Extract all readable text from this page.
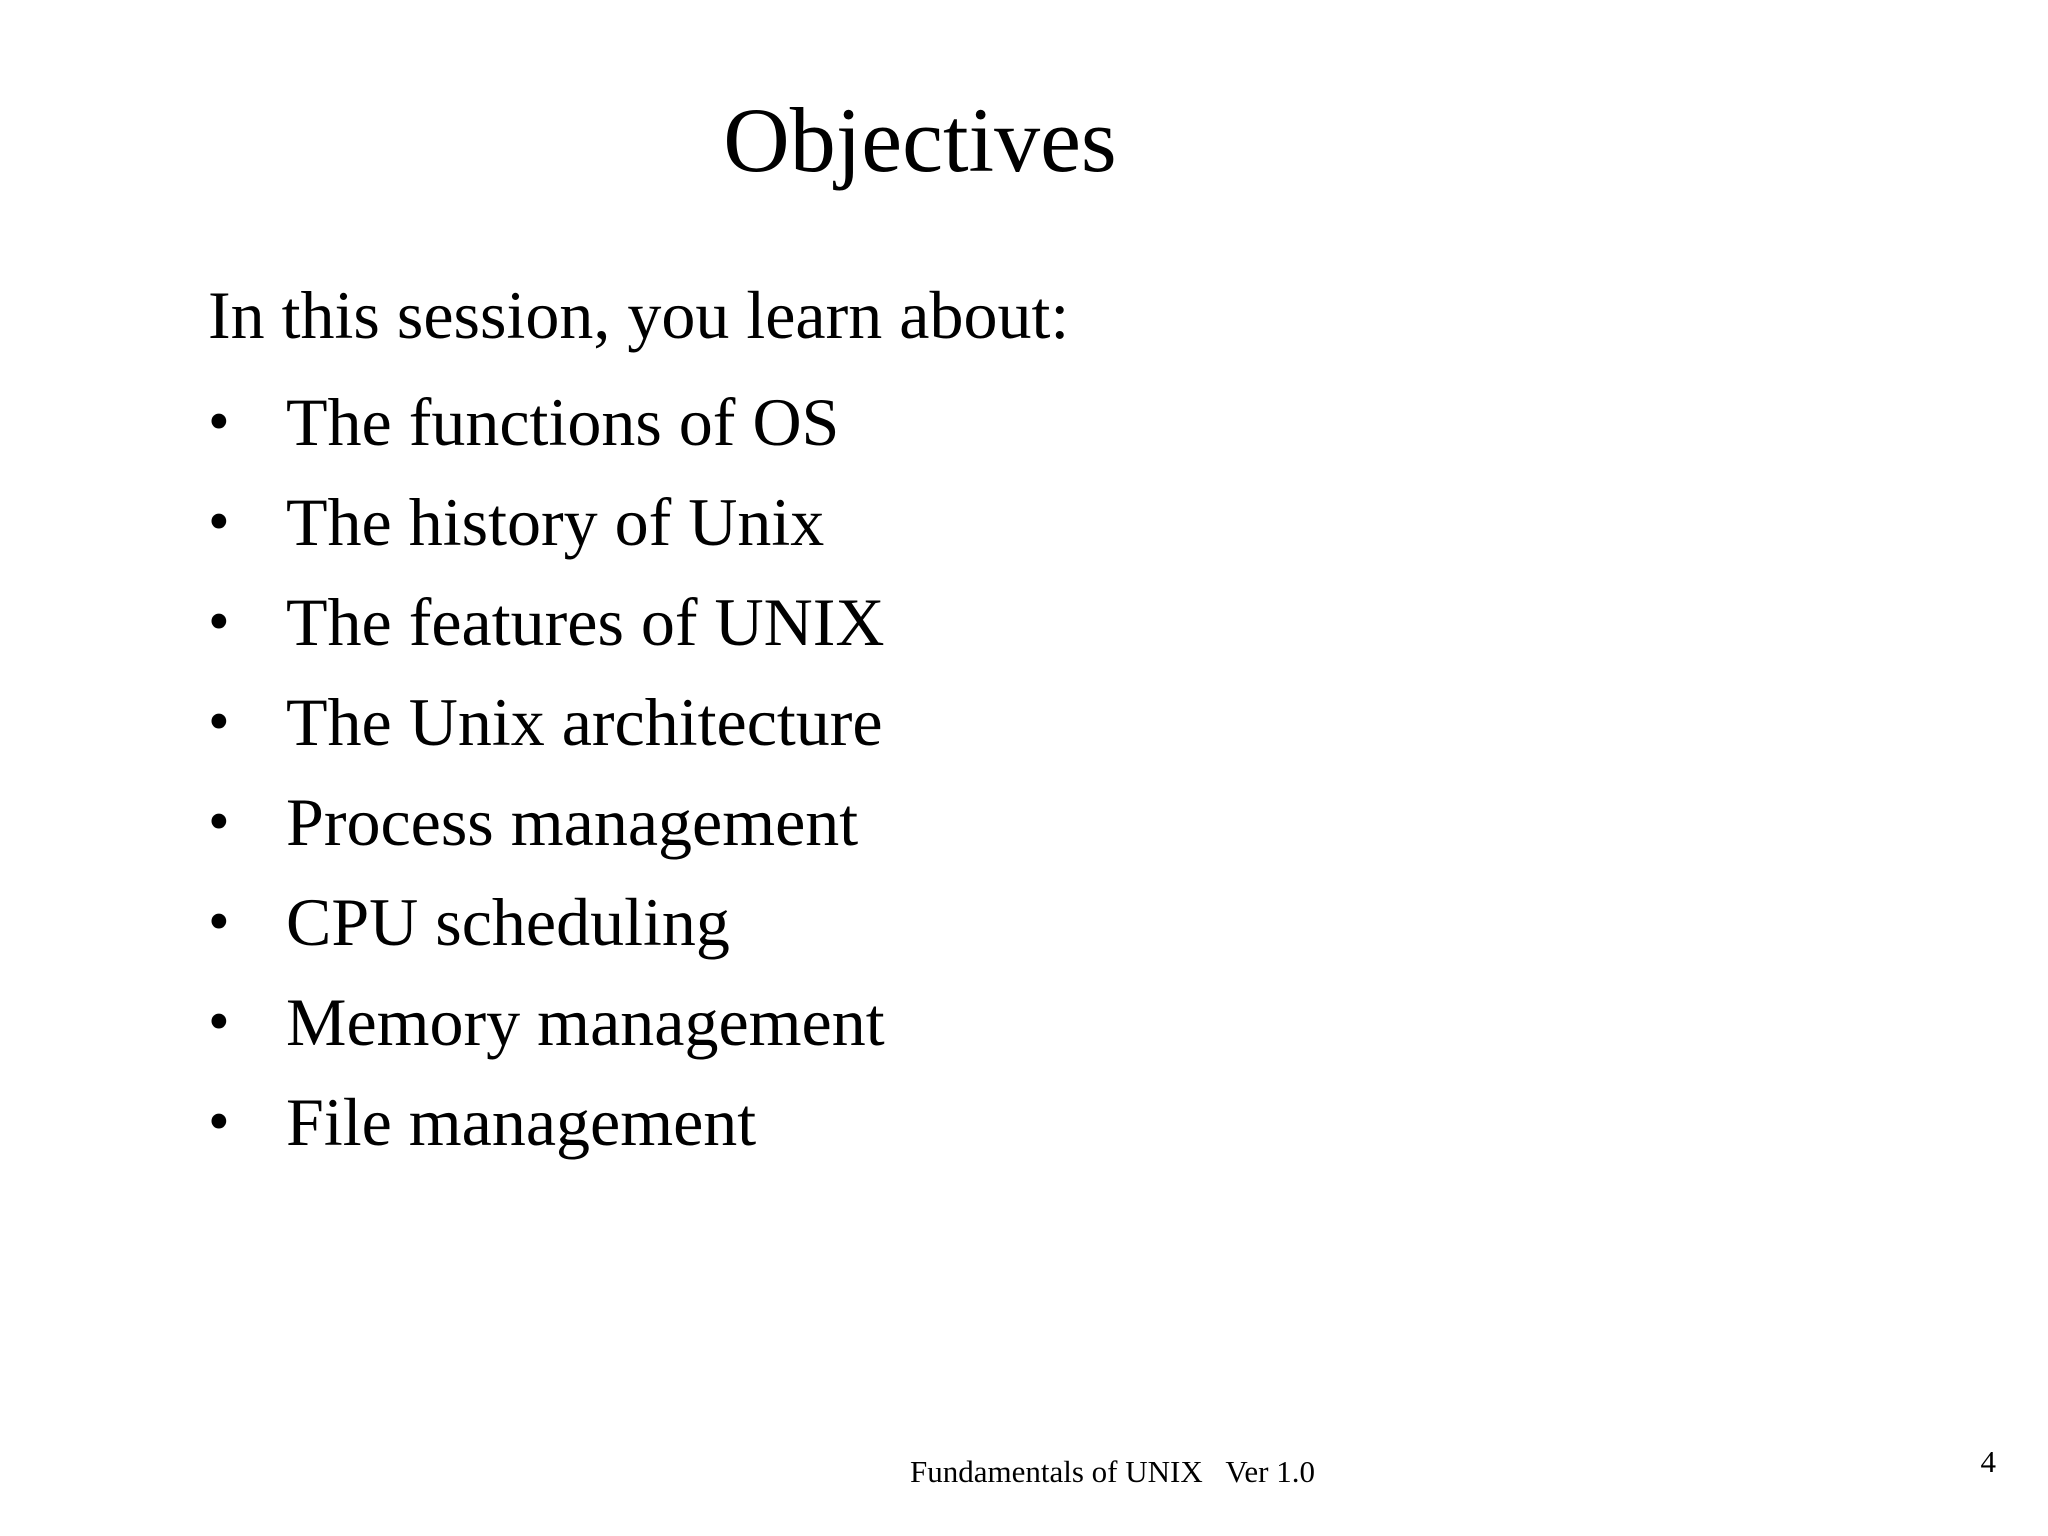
Objectives

In this session, you learn about:

• The functions of OS
• The history of Unix
• The features of UNIX
• The Unix architecture
• Process management
• CPU scheduling
• Memory management
• File management
Fundamentals of UNIX   Ver 1.0	4
